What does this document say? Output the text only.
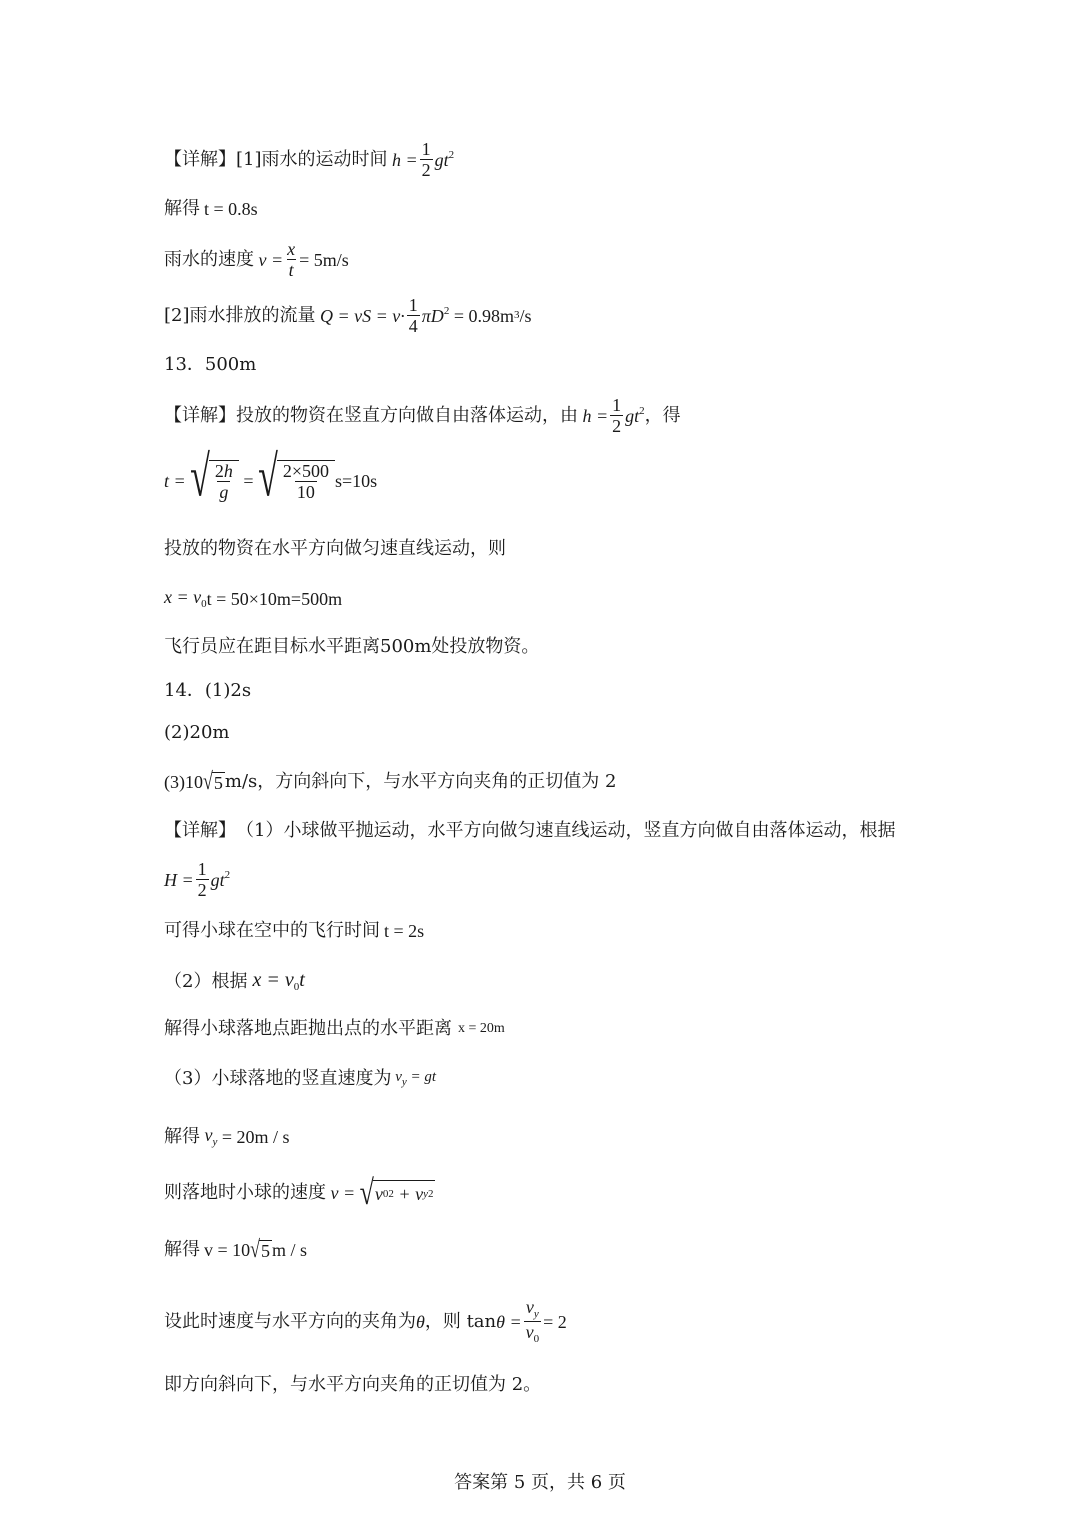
【详解】 [1]雨水的运动时间 $h = \frac{1}{2} gt^2$
解得 t = 0.8s
雨水的速度 $v = \frac{x}{t} = 5m/s$
[2]雨水排放的流量 Q = vS = $v\cdot \frac{1}{4} \pi D^2 = 0.98m$ 3 /s
13．500m
【详解】 投放的物资在竖直方向做自由落体运动，由 $h = \frac{1}{2} gt^2$ ，得
t = √ $\frac{2h}{g}$ = √ $\frac{2\times 500}{10} s=10s$
投放的物资在水平方向做匀速直线运动，则
$x = v_0$ t = 50×10m=500m
飞行员应在距目标水平距离500m处投放物资。
14．(1)2s
(2)20m
(3)10 √ 5 m/s，方向斜向下，与水平方向夹角的正切值为 2
【详解】 （1）小球做平抛运动，水平方向做匀速直线运动，竖直方向做自由落体运动，根据
$H = \frac{1}{2} gt^2$
可得小球在空中的飞行时间 t = 2s
（2）根据 $x = v_0t$
解得小球落地点距抛出点的水平距离 x = 20m
（3）小球落地的竖直速度为 $v_y$ = gt
解得 $v_y = 20m / s$
则落地时小球的速度 v = √ v 0 2 + v y 2
解得 v = 10 √ 5 m / s
设此时速度与水平方向的夹角为 θ ，则 $\tan \theta = \frac{v_y}{v_0} = 2$
即方向斜向下，与水平方向夹角的正切值为 2。
答案第 5 页，共 6 页
